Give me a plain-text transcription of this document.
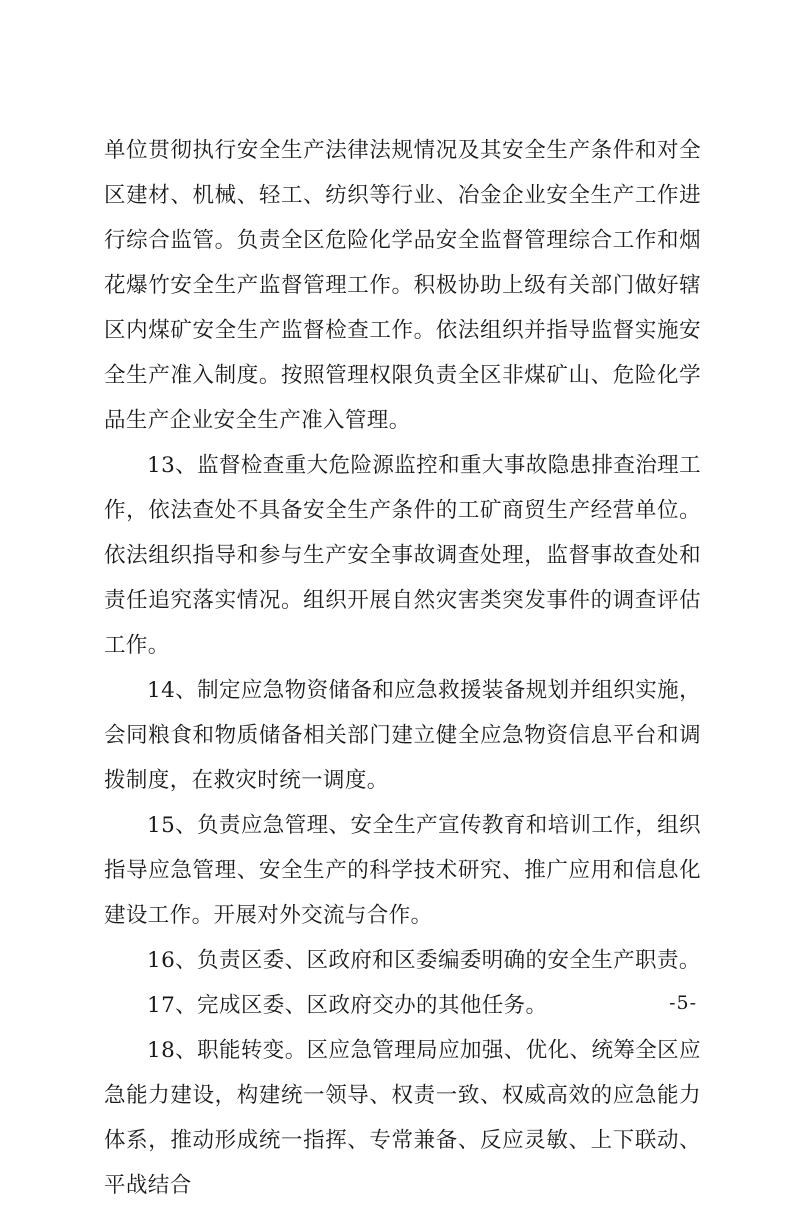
单位贯彻执行安全生产法律法规情况及其安全生产条件和对全区建材、机械、轻工、纺织等行业、冶金企业安全生产工作进行综合监管。负责全区危险化学品安全监督管理综合工作和烟花爆竹安全生产监督管理工作。积极协助上级有关部门做好辖区内煤矿安全生产监督检查工作。依法组织并指导监督实施安全生产准入制度。按照管理权限负责全区非煤矿山、危险化学品生产企业安全生产准入管理。

13、监督检查重大危险源监控和重大事故隐患排查治理工作，依法查处不具备安全生产条件的工矿商贸生产经营单位。依法组织指导和参与生产安全事故调查处理，监督事故查处和责任追究落实情况。组织开展自然灾害类突发事件的调查评估工作。

14、制定应急物资储备和应急救援装备规划并组织实施，会同粮食和物质储备相关部门建立健全应急物资信息平台和调拨制度，在救灾时统一调度。

15、负责应急管理、安全生产宣传教育和培训工作，组织指导应急管理、安全生产的科学技术研究、推广应用和信息化建设工作。开展对外交流与合作。

16、负责区委、区政府和区委编委明确的安全生产职责。

17、完成区委、区政府交办的其他任务。

18、职能转变。区应急管理局应加强、优化、统筹全区应急能力建设，构建统一领导、权责一致、权威高效的应急能力体系，推动形成统一指挥、专常兼备、反应灵敏、上下联动、平战结合

-5-
